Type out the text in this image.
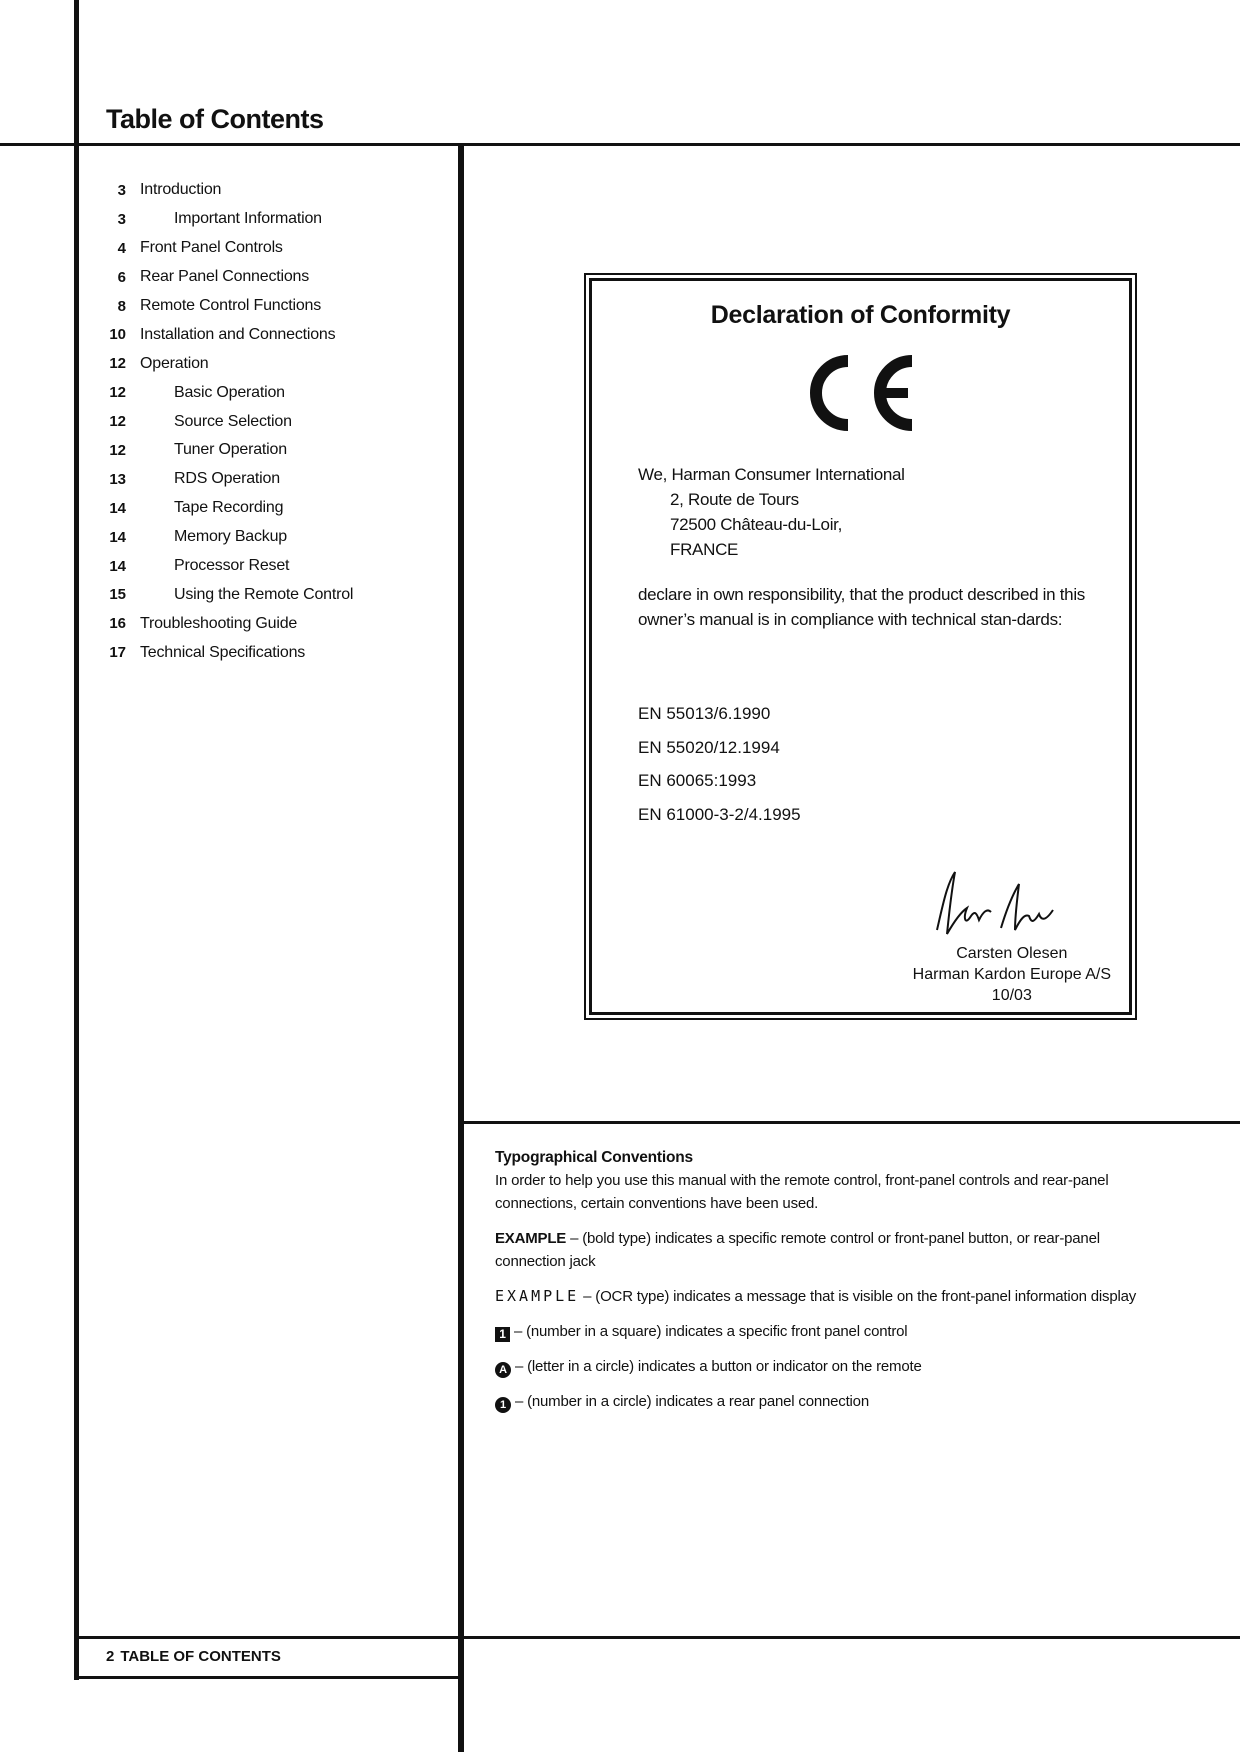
Table of Contents
3 Introduction
3	Important Information
4 Front Panel Controls
6 Rear Panel Connections
8 Remote Control Functions
10 Installation and Connections
12 Operation
12	Basic Operation
12	Source Selection
12	Tuner Operation
13	RDS Operation
14	Tape Recording
14	Memory Backup
14	Processor Reset
15	Using the Remote Control
16 Troubleshooting Guide
17 Technical Specifications
Declaration of Conformity
We, Harman Consumer International
2, Route de Tours
72500 Château-du-Loir,
FRANCE
declare in own responsibility, that the product described in this owner’s manual is in compliance with technical stan-dards:
EN 55013/6.1990
EN 55020/12.1994
EN 60065:1993
EN 61000-3-2/4.1995
Carsten Olesen
Harman Kardon Europe A/S
10/03
Typographical Conventions

In order to help you use this manual with the remote control, front-panel controls and rear-panel connections, certain conventions have been used.

EXAMPLE – (bold type) indicates a specific remote control or front-panel button, or rear-panel connection jack

EXAMPLE – (OCR type) indicates a message that is visible on the front-panel information display

1 – (number in a square) indicates a specific front panel control

A – (letter in a circle) indicates a button or indicator on the remote

1 – (number in a circle) indicates a rear panel connection

2 TABLE OF CONTENTS
